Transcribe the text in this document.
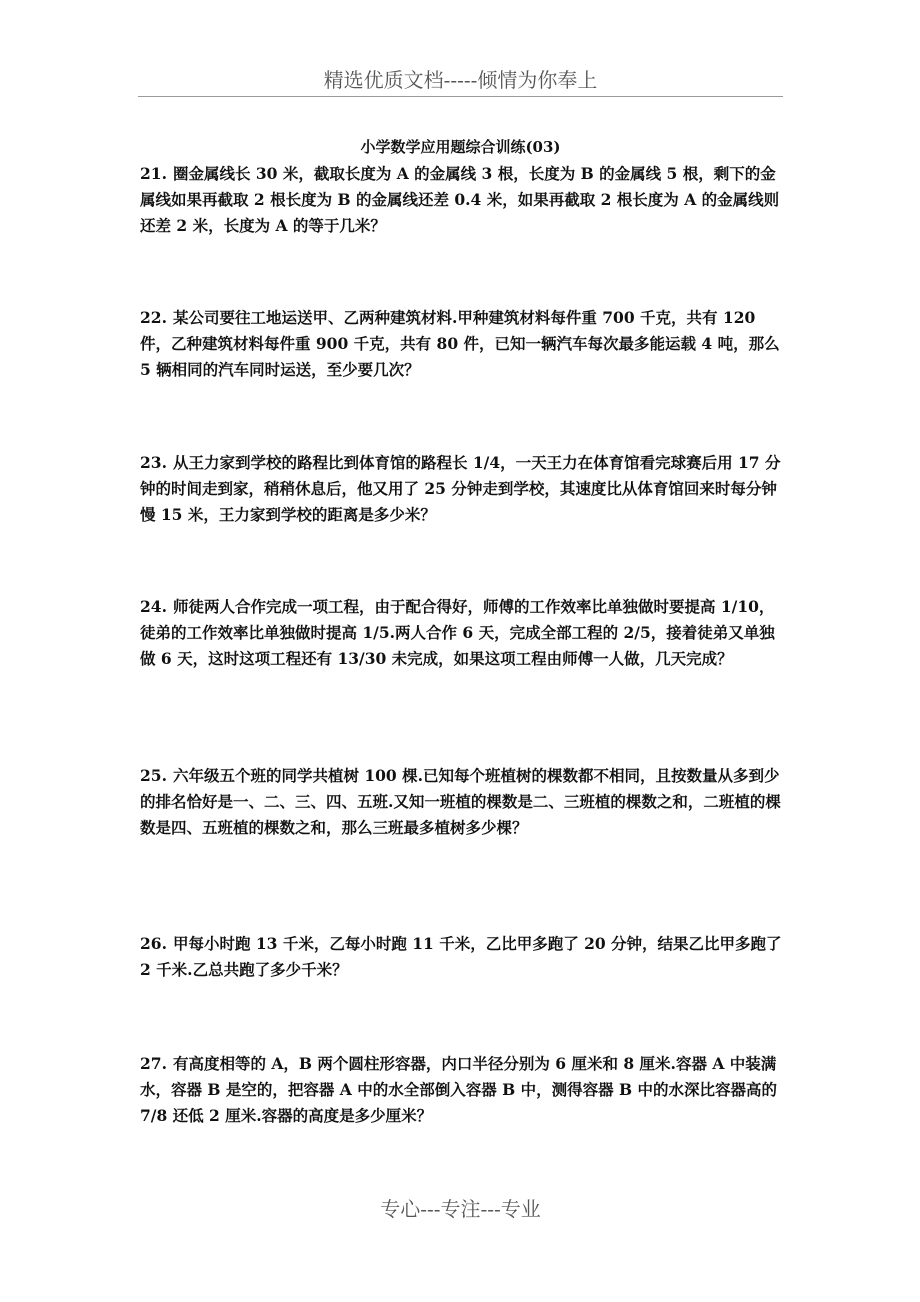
精选优质文档-----倾情为你奉上
小学数学应用题综合训练(03)

21. 圈金属线长 30 米，截取长度为 A 的金属线 3 根，长度为 B 的金属线 5 根，剩下的金属线如果再截取 2 根长度为 B 的金属线还差 0.4 米，如果再截取 2 根长度为 A 的金属线则还差 2 米，长度为 A 的等于几米？

22. 某公司要往工地运送甲、乙两种建筑材料.甲种建筑材料每件重 700 千克，共有 120 件，乙种建筑材料每件重 900 千克，共有 80 件，已知一辆汽车每次最多能运载 4 吨，那么 5 辆相同的汽车同时运送，至少要几次？

23. 从王力家到学校的路程比到体育馆的路程长 1/4，一天王力在体育馆看完球赛后用 17 分钟的时间走到家，稍稍休息后，他又用了 25 分钟走到学校，其速度比从体育馆回来时每分钟慢 15 米，王力家到学校的距离是多少米？

24. 师徒两人合作完成一项工程，由于配合得好，师傅的工作效率比单独做时要提高 1/10，徒弟的工作效率比单独做时提高 1/5.两人合作 6 天，完成全部工程的 2/5，接着徒弟又单独做 6 天，这时这项工程还有 13/30 未完成，如果这项工程由师傅一人做，几天完成？

25. 六年级五个班的同学共植树 100 棵.已知每个班植树的棵数都不相同，且按数量从多到少的排名恰好是一、二、三、四、五班.又知一班植的棵数是二、三班植的棵数之和，二班植的棵数是四、五班植的棵数之和，那么三班最多植树多少棵？

26. 甲每小时跑 13 千米，乙每小时跑 11 千米，乙比甲多跑了 20 分钟，结果乙比甲多跑了 2 千米.乙总共跑了多少千米？

27. 有高度相等的 A，B 两个圆柱形容器，内口半径分别为 6 厘米和 8 厘米.容器 A 中装满水，容器 B 是空的，把容器 A 中的水全部倒入容器 B 中，测得容器 B 中的水深比容器高的 7/8 还低 2 厘米.容器的高度是多少厘米？

专心---专注---专业
